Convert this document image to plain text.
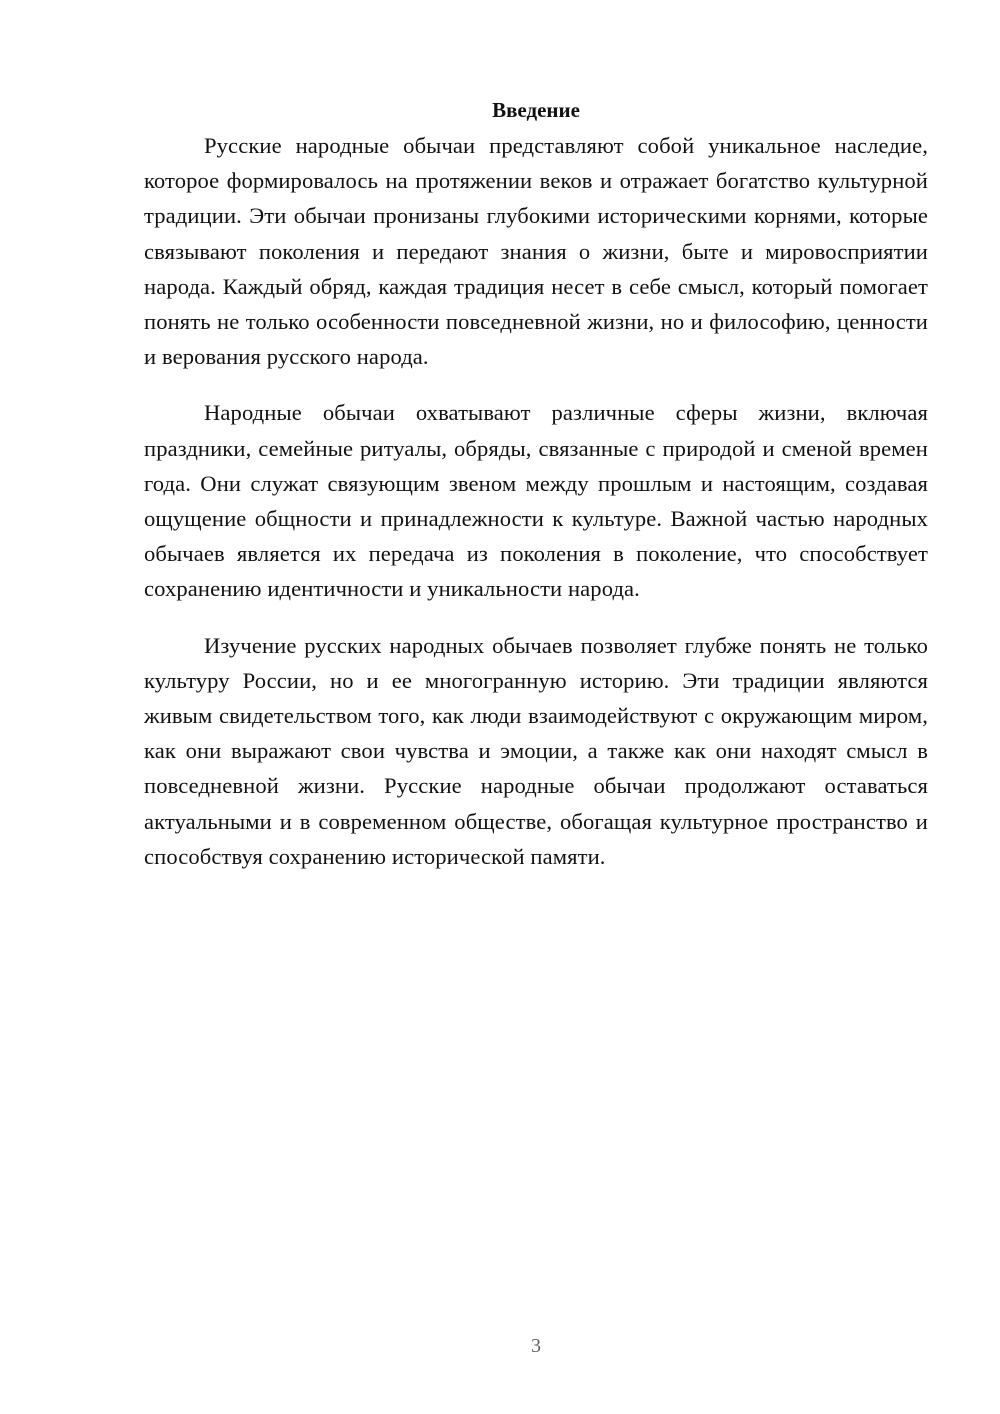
Введение

Русские народные обычаи представляют собой уникальное наследие, которое формировалось на протяжении веков и отражает богатство культурной традиции. Эти обычаи пронизаны глубокими историческими корнями, которые связывают поколения и передают знания о жизни, быте и мировосприятии народа. Каждый обряд, каждая традиция несет в себе смысл, который помогает понять не только особенности повседневной жизни, но и философию, ценности и верования русского народа.

Народные обычаи охватывают различные сферы жизни, включая праздники, семейные ритуалы, обряды, связанные с природой и сменой времен года. Они служат связующим звеном между прошлым и настоящим, создавая ощущение общности и принадлежности к культуре. Важной частью народных обычаев является их передача из поколения в поколение, что способствует сохранению идентичности и уникальности народа.

Изучение русских народных обычаев позволяет глубже понять не только культуру России, но и ее многогранную историю. Эти традиции являются живым свидетельством того, как люди взаимодействуют с окружающим миром, как они выражают свои чувства и эмоции, а также как они находят смысл в повседневной жизни. Русские народные обычаи продолжают оставаться актуальными и в современном обществе, обогащая культурное пространство и способствуя сохранению исторической памяти.

3
